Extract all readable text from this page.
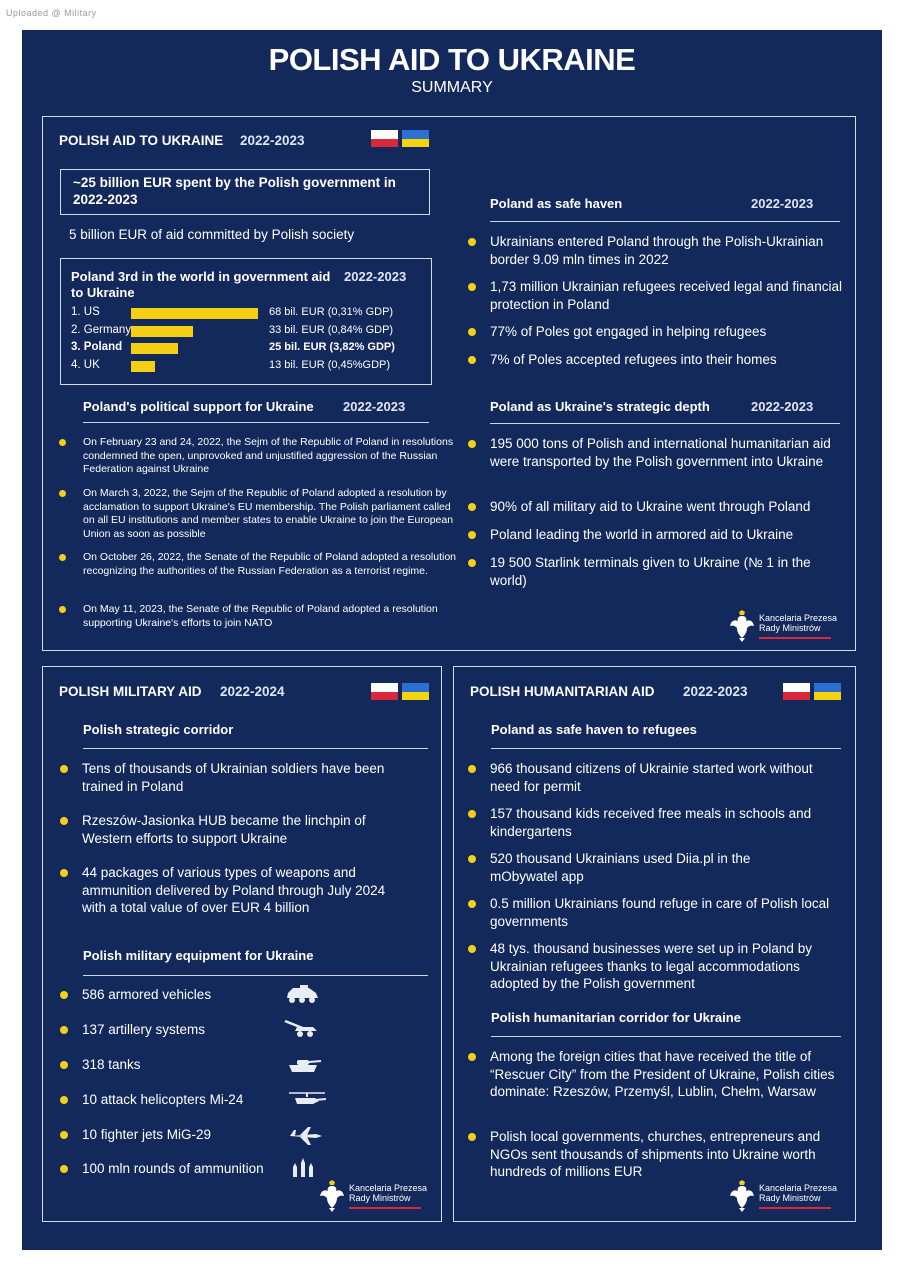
Uploaded @ Military
POLISH AID TO UKRAINE
SUMMARY
POLISH AID TO UKRAINE 2022-2023
~25 billion EUR spent by the Polish government in 2022-2023
5 billion EUR of aid committed by Polish society
Poland 3rd in the world in government aid to Ukraine
2022-2023
1. US	68 bil. EUR (0,31% GDP)
2. Germany	33 bil. EUR (0,84% GDP)
3. Poland	25 bil. EUR (3,82% GDP)
4. UK	13 bil. EUR (0,45%GDP)
Poland's political support for Ukraine 2022-2023
On February 23 and 24, 2022, the Sejm of the Republic of Poland in resolutions condemned the open, unprovoked and unjustified aggression of the Russian Federation against Ukraine
On March 3, 2022, the Sejm of the Republic of Poland adopted a resolution by acclamation to support Ukraine's EU membership. The Polish parliament called on all EU institutions and member states to enable Ukraine to join the European Union as soon as possible
On October 26, 2022, the Senate of the Republic of Poland adopted a resolution recognizing the authorities of the Russian Federation as a terrorist regime.
On May 11, 2023, the Senate of the Republic of Poland adopted a resolution supporting Ukraine's efforts to join NATO
Poland as safe haven	2022-2023
Ukrainians entered Poland through the Polish-Ukrainian border 9.09 mln times in 2022
1,73 million Ukrainian refugees received legal and financial protection in Poland
77% of Poles got engaged in helping refugees
7% of Poles accepted refugees into their homes
Poland as Ukraine's strategic depth	2022-2023
195 000 tons of Polish and international humanitarian aid were transported by the Polish government into Ukraine
90% of all military aid to Ukraine went through Poland
Poland leading the world in armored aid to Ukraine
19 500 Starlink terminals given to Ukraine (№ 1 in the world)
Kancelaria Prezesa
Rady Ministrów
POLISH MILITARY AID 2022-2024
Polish strategic corridor
Tens of thousands of Ukrainian soldiers have been trained in Poland
Rzeszów-Jasionka HUB became the linchpin of Western efforts to support Ukraine
44 packages of various types of weapons and ammunition delivered by Poland through July 2024 with a total value of over EUR 4 billion
Polish military equipment for Ukraine
586 armored vehicles
137 artillery systems
318 tanks
10 attack helicopters Mi-24
10 fighter jets MiG-29
100 mln rounds of ammunition
Kancelaria Prezesa
Rady Ministrów
POLISH HUMANITARIAN AID 2022-2023
Poland as safe haven to refugees
966 thousand citizens of Ukrainie started work without need for permit
157 thousand kids received free meals in schools and kindergartens
520 thousand Ukrainians used Diia.pl in the mObywatel app
0.5 million Ukrainians found refuge in care of Polish local governments
48 tys. thousand businesses were set up in Poland by Ukrainian refugees thanks to legal accommodations adopted by the Polish government
Polish humanitarian corridor for Ukraine
Among the foreign cities that have received the title of “Rescuer City” from the President of Ukraine, Polish cities dominate: Rzeszów, Przemyśl, Lublin, Chełm, Warsaw
Polish local governments, churches, entrepreneurs and NGOs sent thousands of shipments into Ukraine worth hundreds of millions EUR
Kancelaria Prezesa
Rady Ministrów
